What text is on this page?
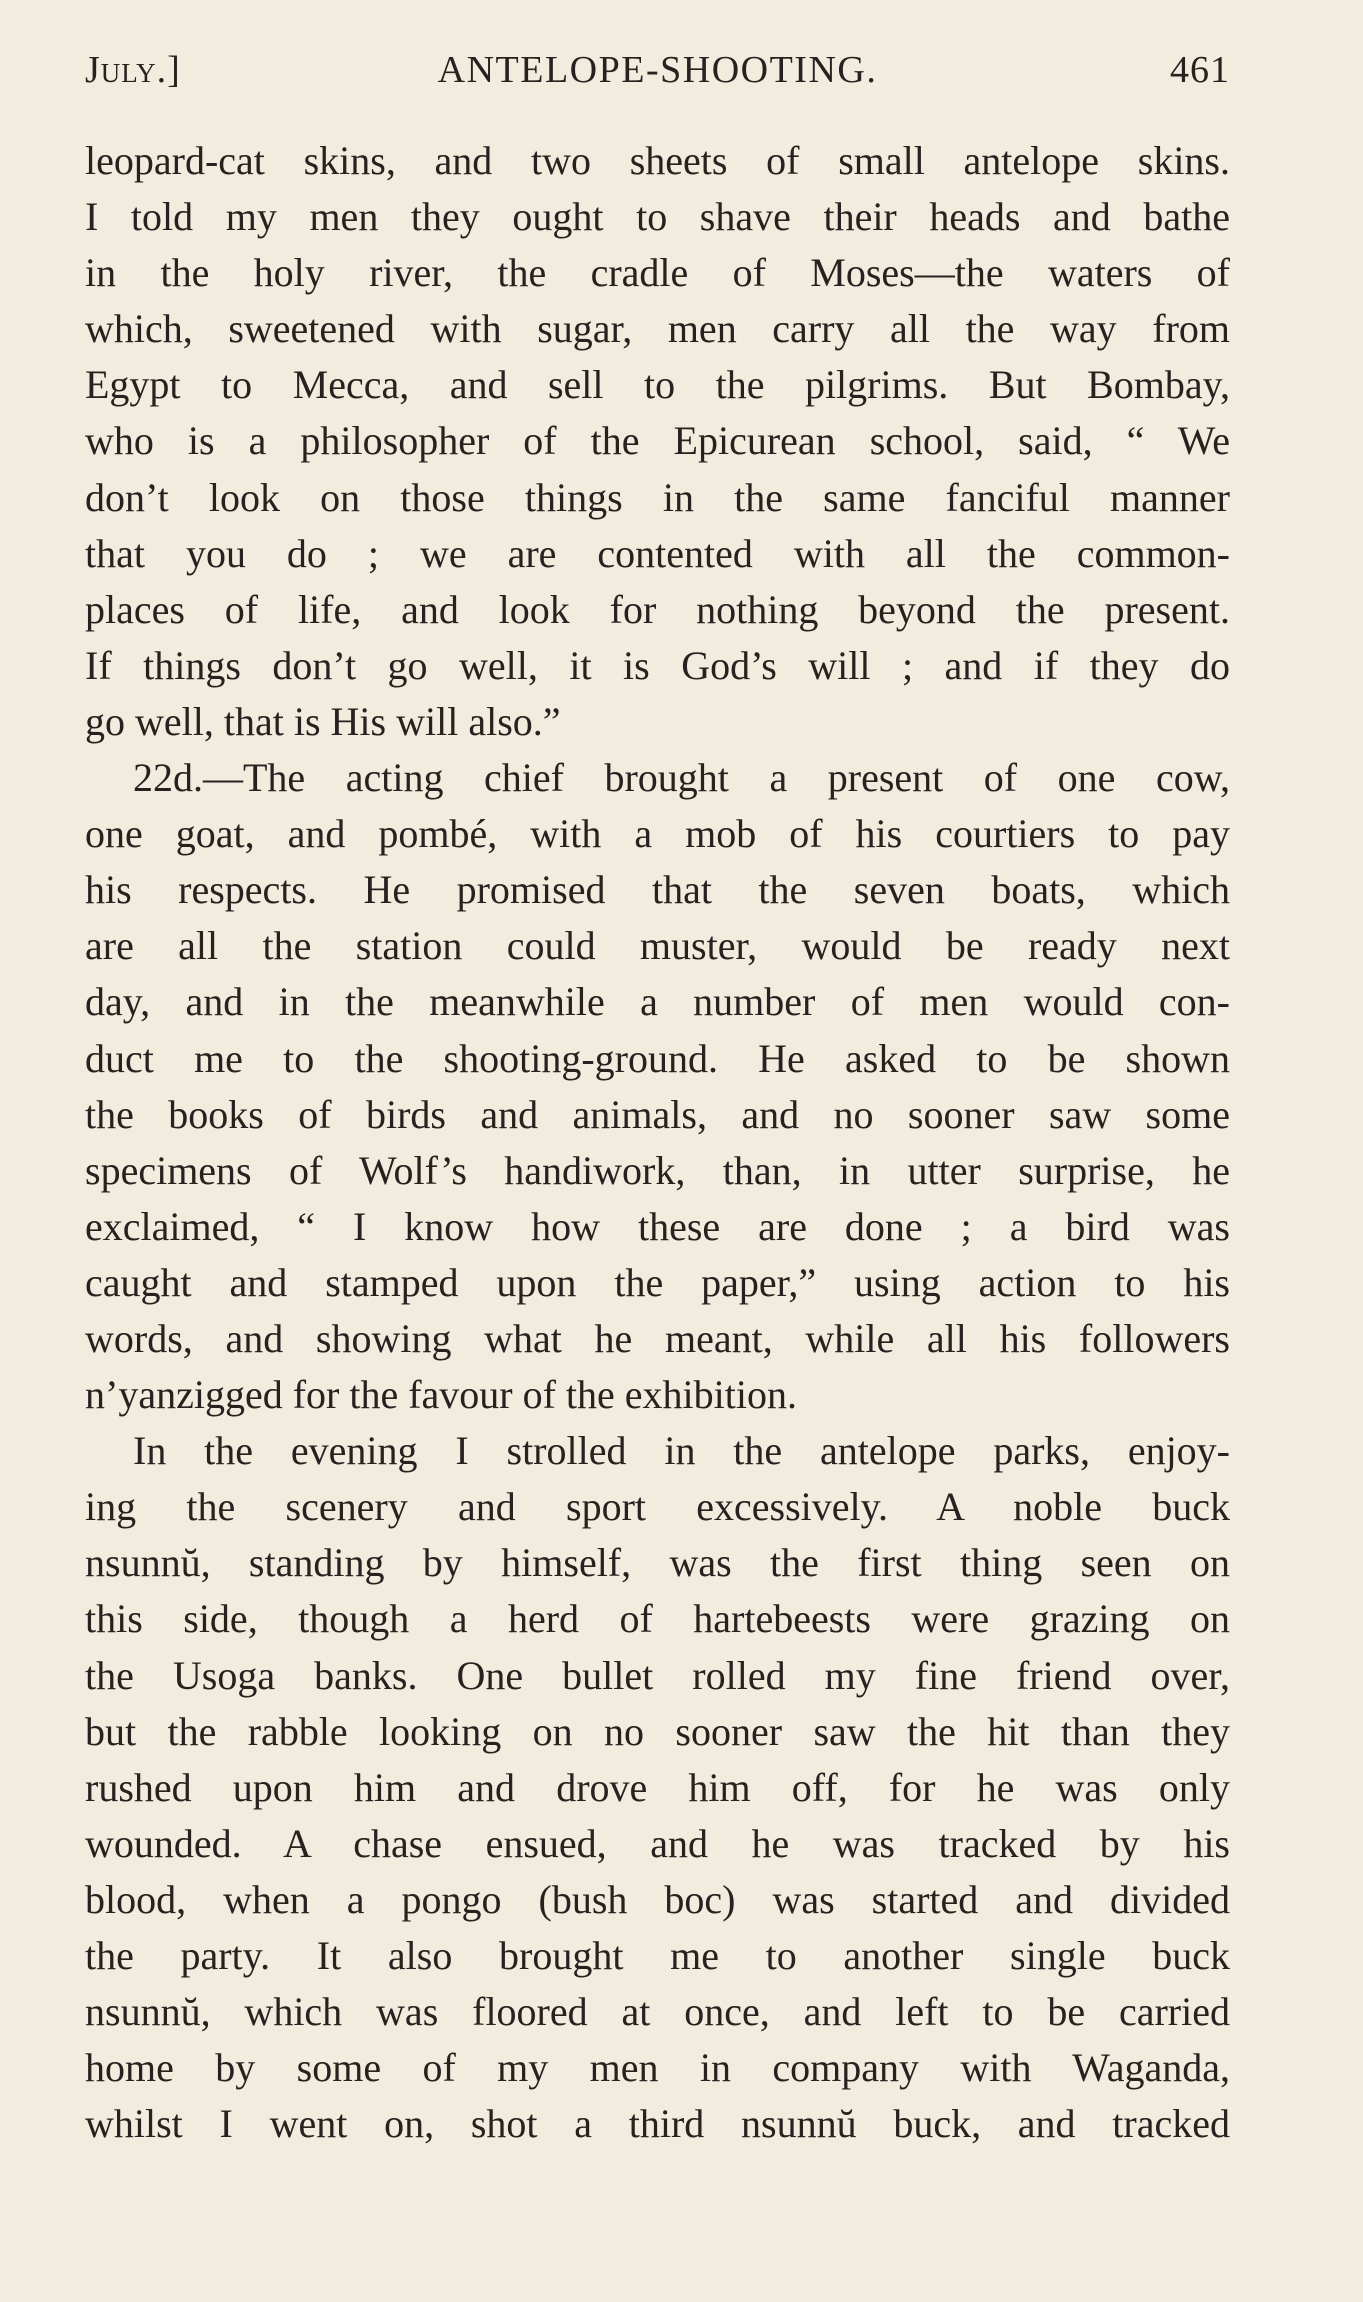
July.]	ANTELOPE-SHOOTING.	461
leopard-cat skins, and two sheets of small antelope skins.
I told my men they ought to shave their heads and bathe
in the holy river, the cradle of Moses—the waters of
which, sweetened with sugar, men carry all the way from
Egypt to Mecca, and sell to the pilgrims. But Bombay,
who is a philosopher of the Epicurean school, said, “ We
don’t look on those things in the same fanciful manner
that you do ; we are contented with all the common-
places of life, and look for nothing beyond the present.
If things don’t go well, it is God’s will ; and if they do
go well, that is His will also.”
22d.—The acting chief brought a present of one cow,
one goat, and pombé, with a mob of his courtiers to pay
his respects. He promised that the seven boats, which
are all the station could muster, would be ready next
day, and in the meanwhile a number of men would con-
duct me to the shooting-ground. He asked to be shown
the books of birds and animals, and no sooner saw some
specimens of Wolf’s handiwork, than, in utter surprise, he
exclaimed, “ I know how these are done ; a bird was
caught and stamped upon the paper,” using action to his
words, and showing what he meant, while all his followers
n’yanzigged for the favour of the exhibition.
In the evening I strolled in the antelope parks, enjoy-
ing the scenery and sport excessively. A noble buck
nsunnŭ, standing by himself, was the first thing seen on
this side, though a herd of hartebeests were grazing on
the Usoga banks. One bullet rolled my fine friend over,
but the rabble looking on no sooner saw the hit than they
rushed upon him and drove him off, for he was only
wounded. A chase ensued, and he was tracked by his
blood, when a pongo (bush boc) was started and divided
the party. It also brought me to another single buck
nsunnŭ, which was floored at once, and left to be carried
home by some of my men in company with Waganda,
whilst I went on, shot a third nsunnŭ buck, and tracked
